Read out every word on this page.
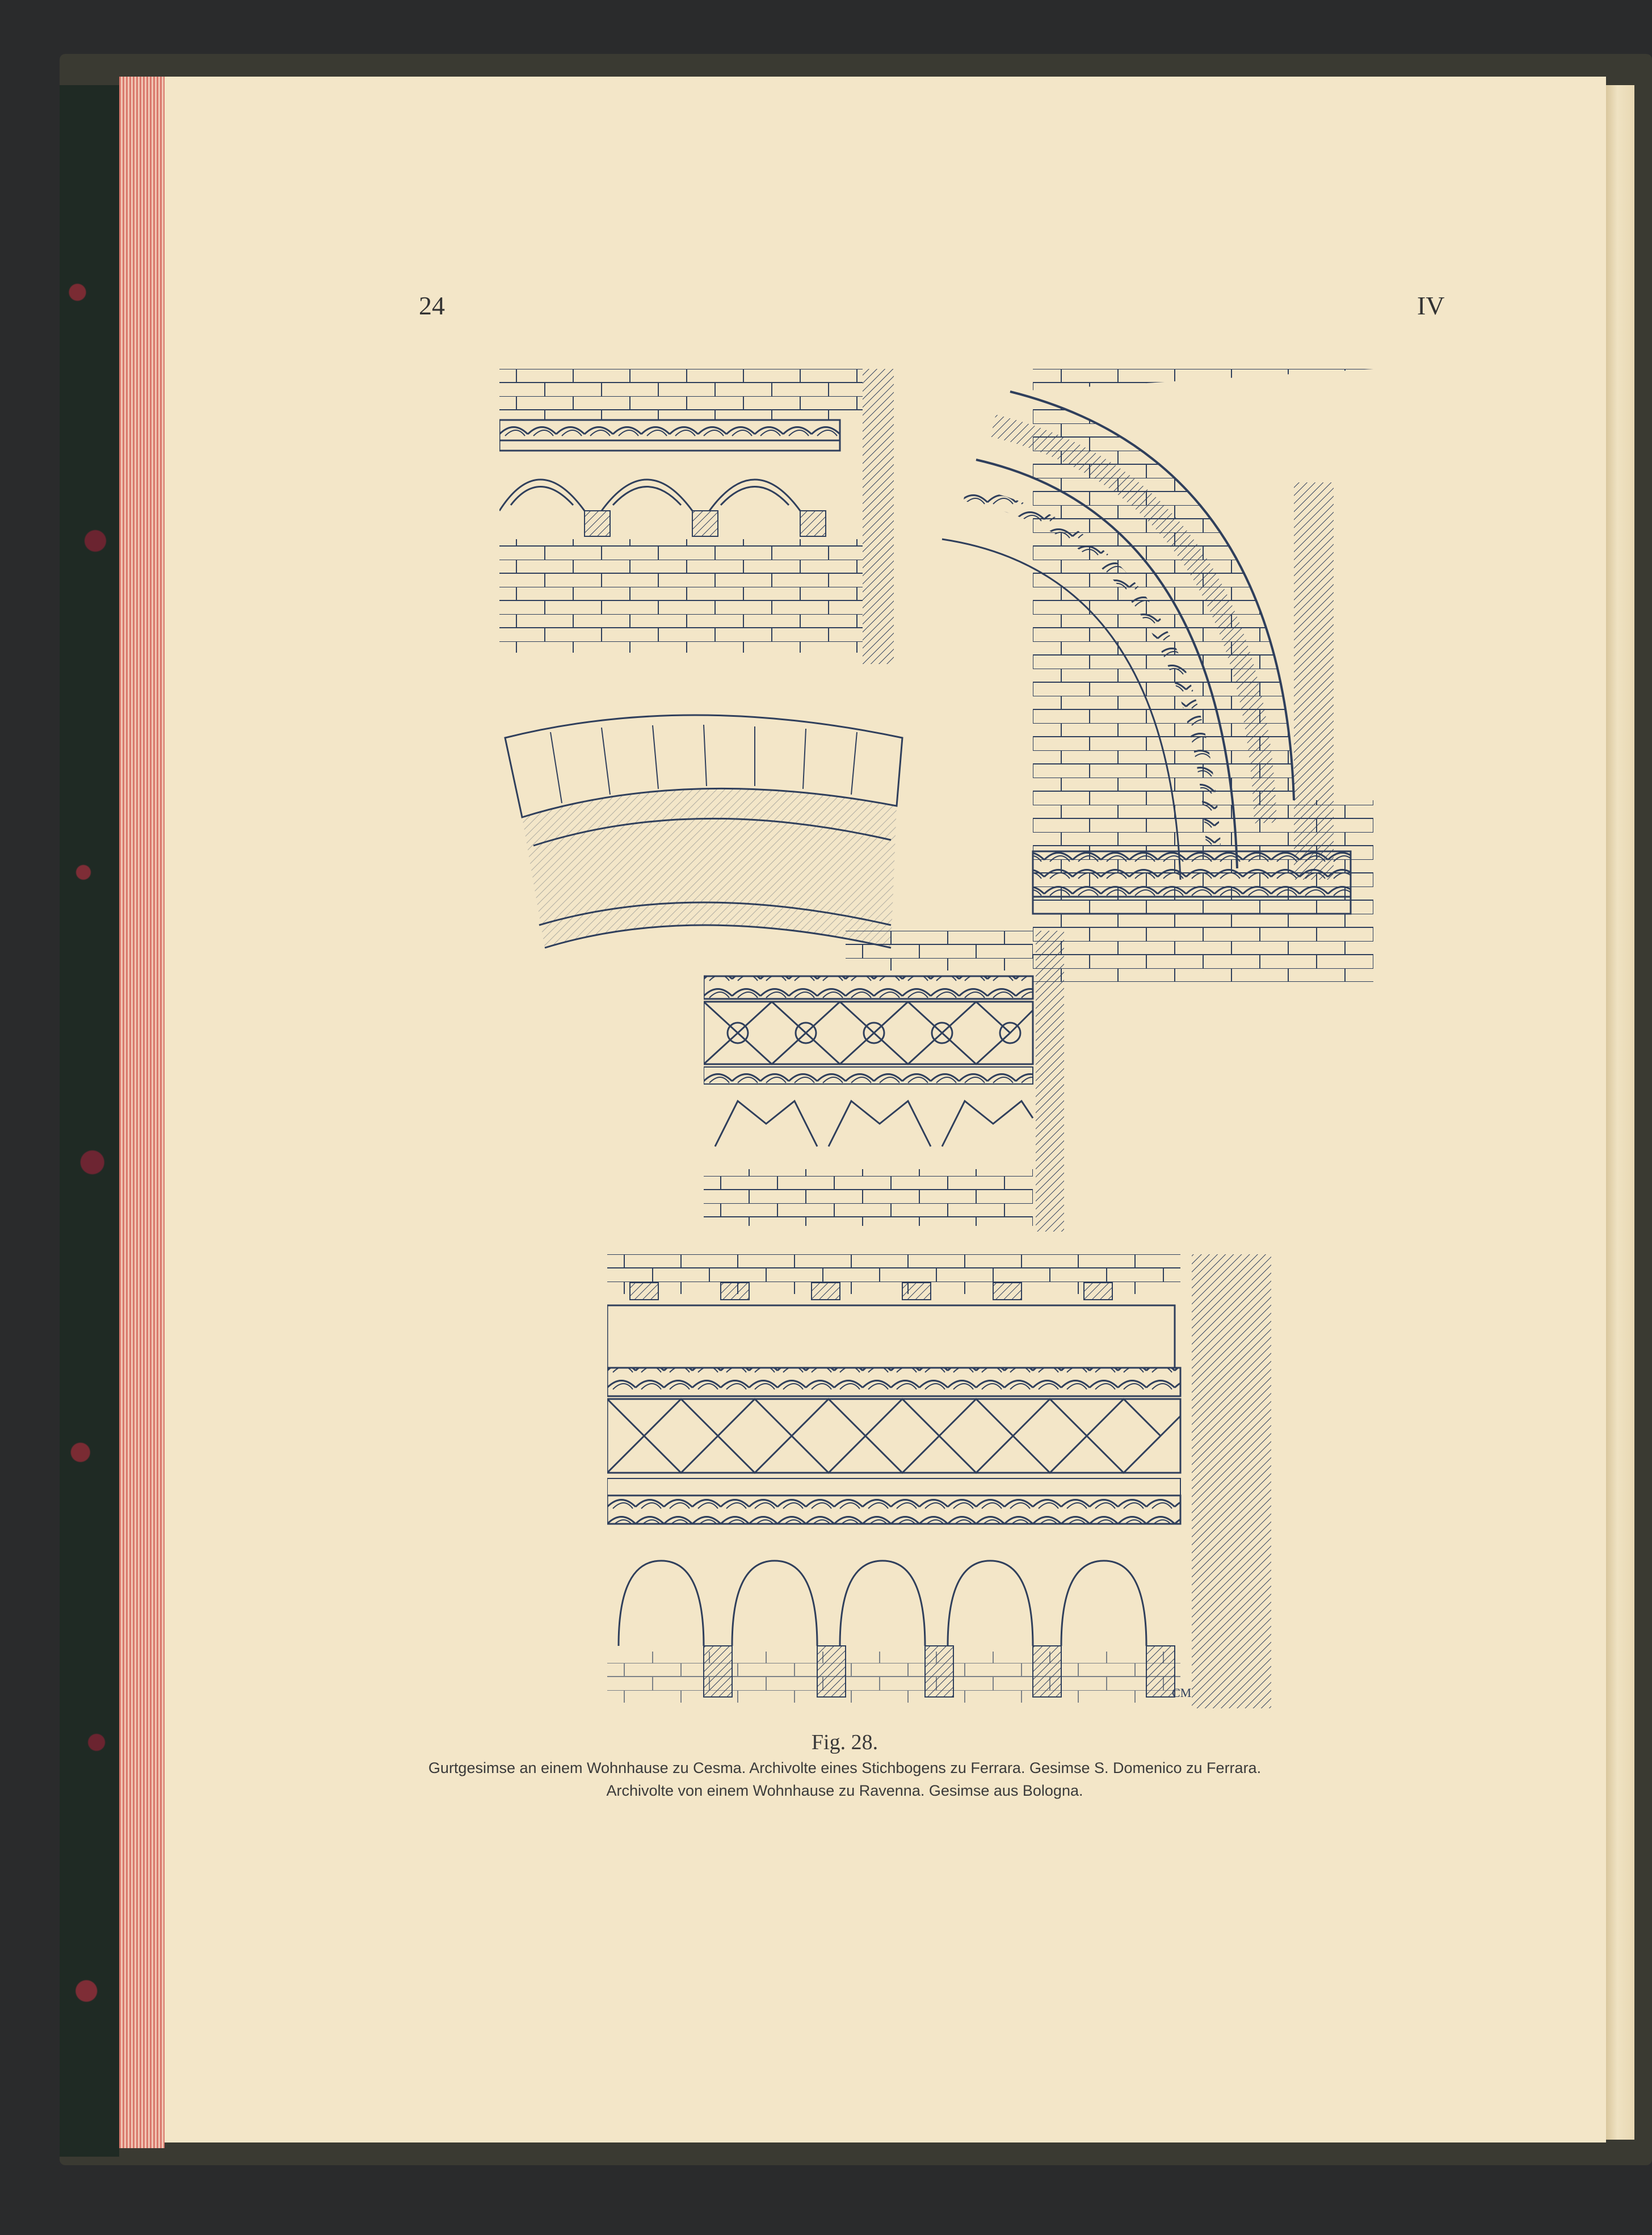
24	IV
CM
Fig. 28.
Gurtgesimse an einem Wohnhause zu Cesma. Archivolte eines Stichbogens zu Ferrara. Gesimse S. Domenico zu Ferrara.
Archivolte von einem Wohnhause zu Ravenna. Gesimse aus Bologna.
